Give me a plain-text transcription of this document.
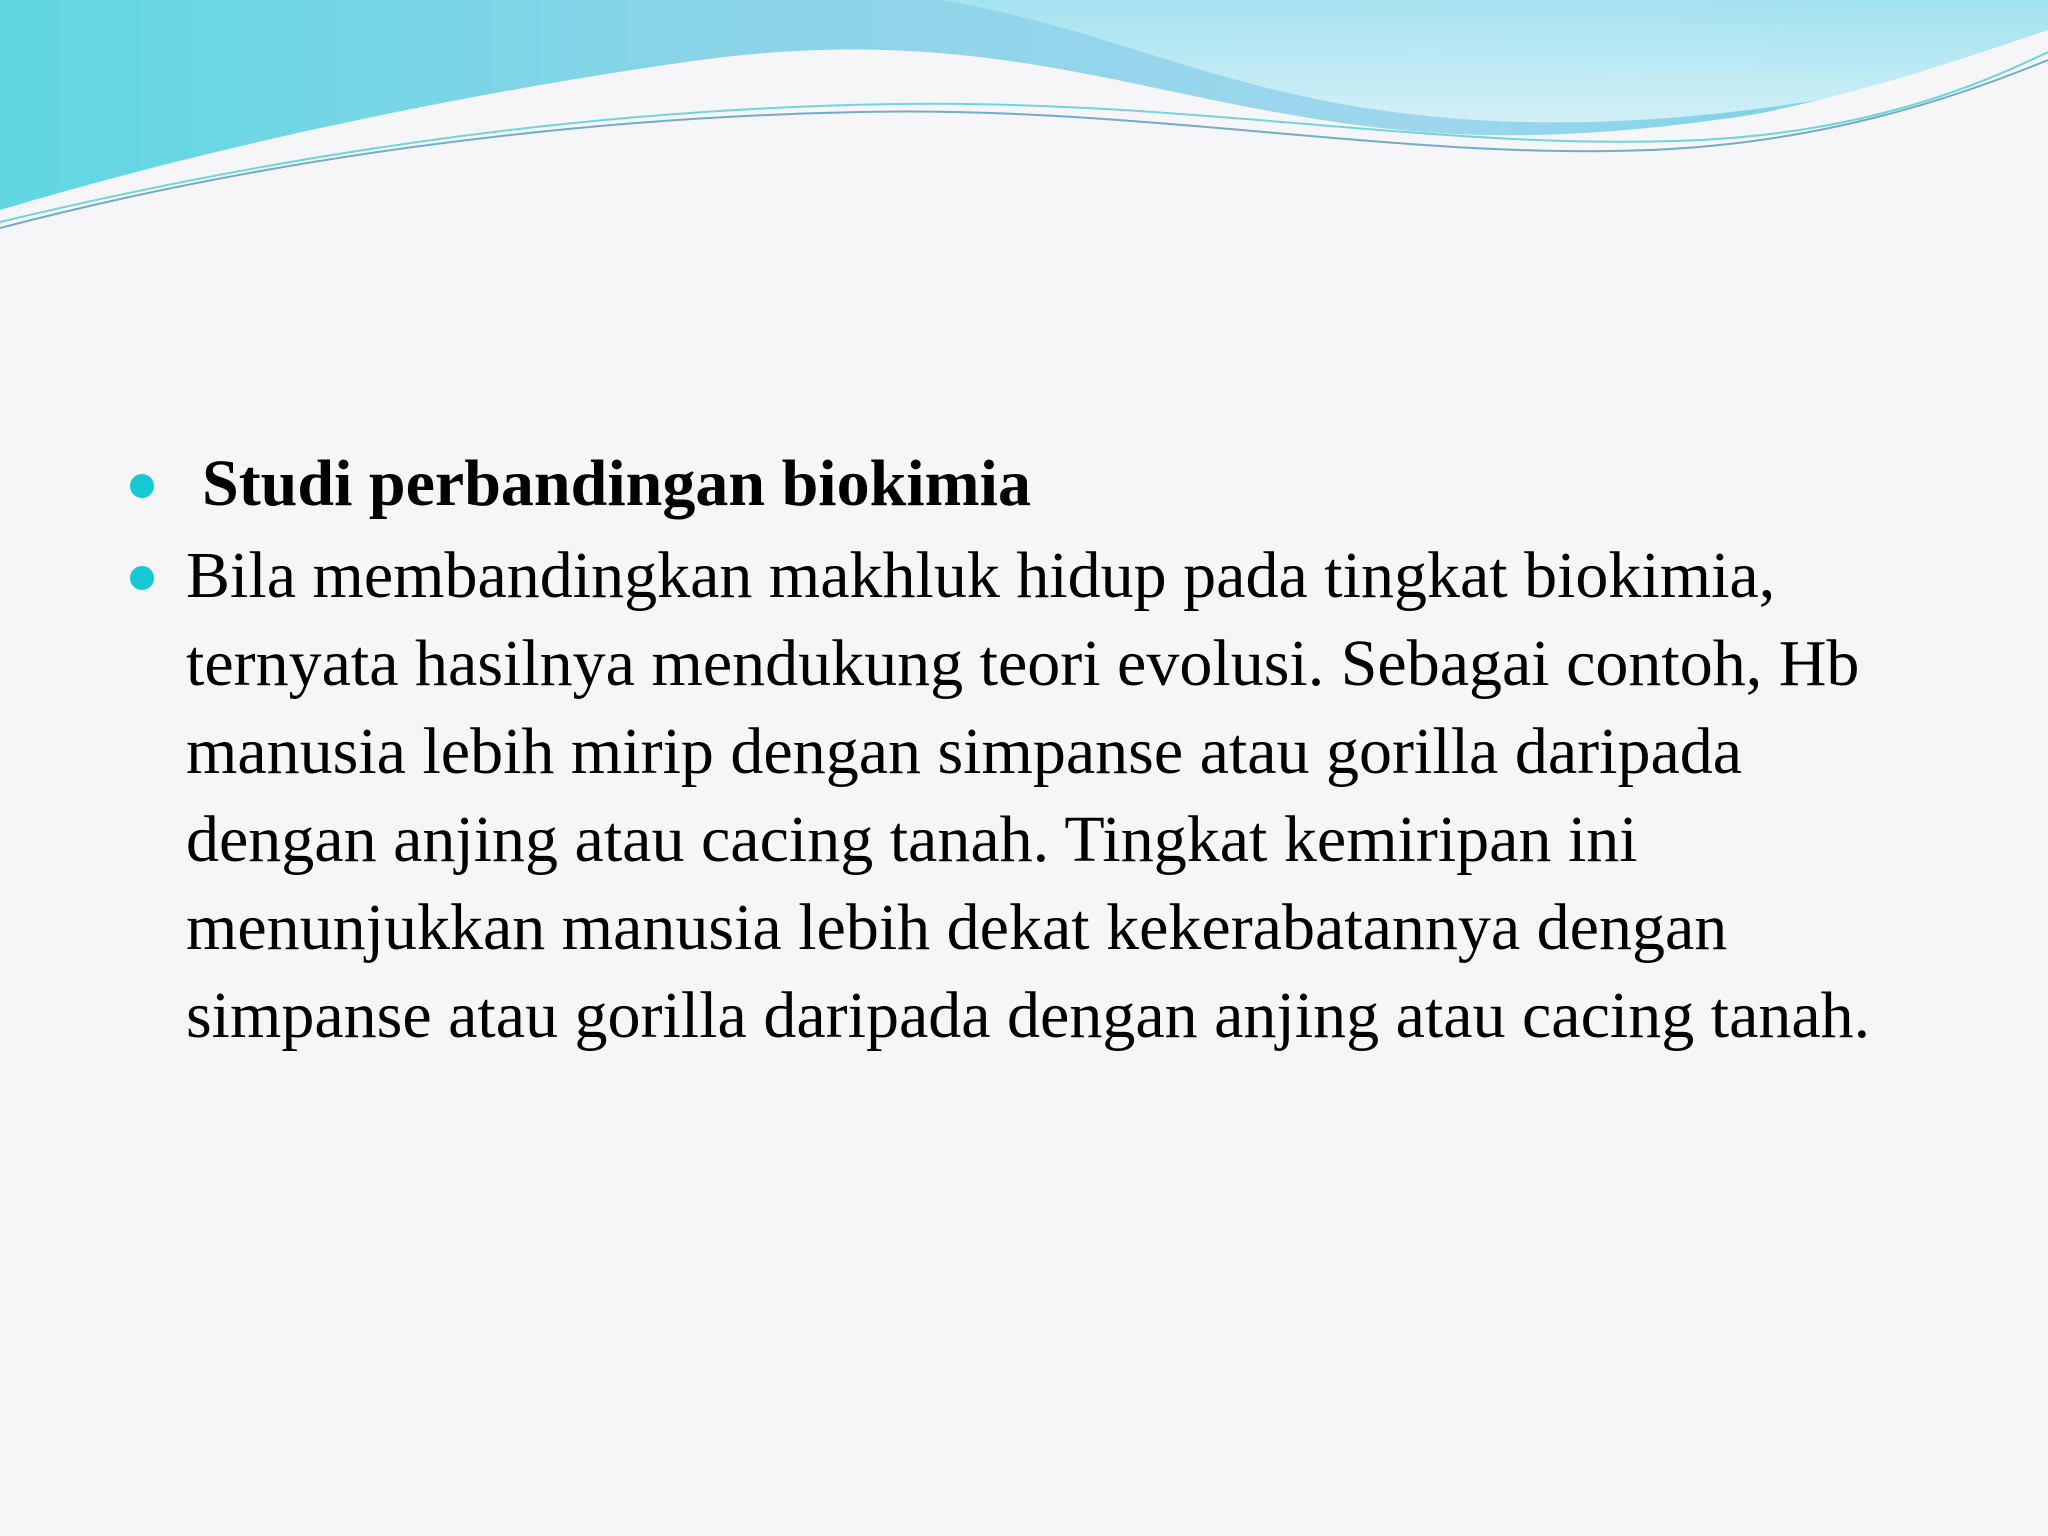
Studi perbandingan biokimia
Bila membandingkan makhluk hidup pada tingkat biokimia, ternyata hasilnya mendukung teori evolusi. Sebagai contoh, Hb manusia lebih mirip dengan simpanse atau gorilla daripada dengan anjing atau cacing tanah. Tingkat kemiripan ini menunjukkan manusia lebih dekat kekerabatannya dengan simpanse atau gorilla daripada dengan anjing atau cacing tanah.
